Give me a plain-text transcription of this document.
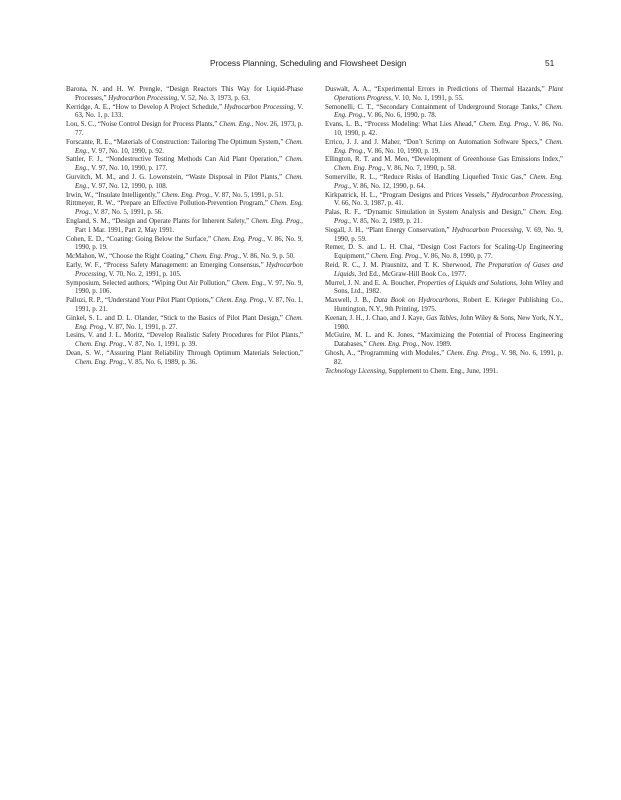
Process Planning, Scheduling and Flowsheet Design	51

Barona, N. and H. W. Prengle, “Design Reactors This Way for Liquid-Phase Processes,” Hydrocarbon Processing, V. 52, No. 3, 1973, p. 63.

Kerridge, A. E., “How to Develop A Project Schedule,” Hydrocarbon Processing, V. 63, No. 1, p. 133.

Lou, S. C., “Noise Control Design for Process Plants,” Chem. Eng., Nov. 26, 1973, p. 77.

Forscante, R. E., “Materials of Construction: Tailoring The Optimum System,” Chem. Eng., V. 97, No. 10, 1990, p. 92.

Sattler, F. J., “Nondestructive Testing Methods Can Aid Plant Operation,” Chem. Eng., V. 97, No. 10, 1990, p. 177.

Gurvitch, M. M., and J. G. Lowenstein, “Waste Disposal in Pilot Plants,” Chem. Eng., V. 97, No. 12, 1990, p. 108.

Irwin, W., “Insulate Intelligently,” Chem. Eng. Prog., V. 87, No. 5, 1991, p. 51.

Rittmeyer, R. W., “Prepare an Effective Pollution-Prevention Program,” Chem. Eng. Prog., V. 87, No. 5, 1991, p. 56.

England, S. M., “Design and Operate Plants for Inherent Safety,” Chem. Eng. Prog., Part 1 Mar. 1991, Part 2, May 1991.

Cohen, E. D., “Coating: Going Below the Surface,” Chem. Eng. Prog., V. 86, No. 9, 1990, p. 19.

McMahon, W., “Choose the Right Coating,” Chem. Eng. Prog., V. 86, No. 9, p. 50.

Early, W. F., “Process Safety Management: an Emerging Consensus,” Hydrocarbon Processing, V. 70, No. 2, 1991, p. 105.

Symposium, Selected authors, “Wiping Out Air Pollution,” Chem. Eng., V. 97, No. 9, 1990, p. 106.

Palluzi, R. P., “Understand Your Pilot Plant Options,” Chem. Eng. Prog., V. 87, No. 1, 1991, p. 21.

Ginkel, S. L. and D. L. Olander, “Stick to the Basics of Pilot Plant Design,” Chem. Eng. Prog., V. 87, No. 1, 1991, p. 27.

Lesins, V. and J. L. Moritz, “Develop Realistic Safety Procedures for Pilot Plants,” Chem. Eng. Prog., V. 87, No. 1, 1991, p. 39.

Dean, S. W., “Assuring Plant Reliability Through Optimum Materials Selection,” Chem. Eng. Prog., V. 85, No. 6, 1989, p. 36.

Duswalt, A. A., “Experimental Errors in Predictions of Thermal Hazards,” Plant Operations Progress, V. 10, No. 1, 1991, p. 55.

Semonelli, C. T., “Secondary Containment of Underground Storage Tanks,” Chem. Eng. Prog., V. 86, No. 6, 1990, p. 78.

Evans, L. B., “Process Modeling: What Lies Ahead,” Chem. Eng. Prog., V. 86, No. 10, 1990, p. 42.

Errico, J. J. and J. Maher, “Don’t Scrimp on Automation Software Specs,” Chem. Eng. Prog., V. 86, No. 10, 1990, p. 19.

Ellington, R. T. and M. Meo, “Development of Greenhouse Gas Emissions Index,” Chem. Eng. Prog., V. 86, No. 7, 1990, p. 58.

Somerville, R. L., “Reduce Risks of Handling Liquefied Toxic Gas,” Chem. Eng. Prog., V. 86, No. 12, 1990, p. 64.

Kirkpatrick, H. L., “Program Designs and Prices Vessels,” Hydrocarbon Processing, V. 66, No. 3, 1987, p. 41.

Palas, R. F., “Dynamic Simulation in System Analysis and Design,” Chem. Eng. Prog., V. 85, No. 2, 1989, p. 21.

Siegall, J. H., “Plant Energy Conservation,” Hydrocarbon Processing, V. 69, No. 9, 1990, p. 59.

Remer, D. S. and L. H. Chai, “Design Cost Factors for Scaling-Up Engineering Equipment,” Chem. Eng. Prog., V. 86, No. 8, 1990, p. 77.

Reid, R. C., J. M. Prausnitz, and T. K. Sherwood, The Preparation of Gases and Liquids, 3rd Ed., McGraw-Hill Book Co., 1977.

Murrel, J. N. and E. A. Boucher, Properties of Liquids and Solutions, John Wiley and Sons, Ltd., 1982.

Maxwell, J. B., Data Book on Hydrocarbons, Robert E. Krieger Publishing Co., Huntington, N.Y., 9th Printing, 1975.

Keenan, J. H., J. Chao, and J. Kaye, Gas Tables, John Wiley & Sons, New York, N.Y., 1980.

McGuire, M. L. and K. Jones, “Maximizing the Potential of Process Engineering Databases,” Chem. Eng. Prog., Nov. 1989.

Ghosh, A., “Programming with Modules,” Chem. Eng. Prog., V. 98, No. 6, 1991, p. 82.

Technology Licensing, Supplement to Chem. Eng., June, 1991.
